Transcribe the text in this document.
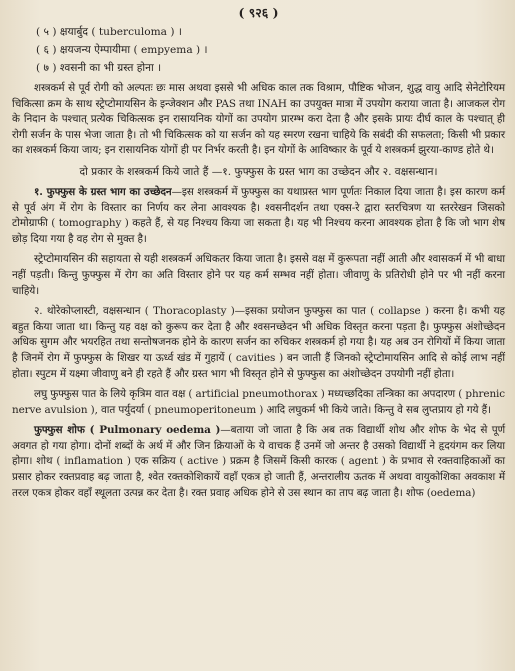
( ९२६ )

( ५ ) क्षयार्बुद ( tuberculoma ) ।

( ६ ) क्षयजन्य ऐम्पायीमा ( empyema ) ।

( ७ ) श्वसनी का भी ग्रस्त होना ।

शस्त्रकर्म से पूर्व रोगी को अल्पतः छः मास अथवा इससे भी अधिक काल तक विश्राम, पौष्टिक भोजन, शुद्ध वायु आदि सेनेटोरियम चिकित्सा क्रम के साथ स्ट्रेप्टोमायसिन के इन्जेक्शन और PAS तथा INAH का उपयुक्त मात्रा में उपयोग कराया जाता है। आजकल रोग के निदान के पश्चात् प्रत्येक चिकित्सक इन रासायनिक योगों का उपयोग प्रारम्भ करा देता है और इसके प्रायः दीर्घ काल के पश्चात् ही रोगी सर्जन के पास भेजा जाता है। तो भी चिकित्सक को या सर्जन को यह स्मरण रखना चाहिये कि सबंदी की सफलता; किसी भी प्रकार का शस्त्रकर्म किया जाय; इन रासायनिक योगों ही पर निर्भर करती है। इन योगों के आविष्कार के पूर्व ये शस्त्रकर्म झुरया-काण्ड होते थे।

दो प्रकार के शस्त्रकर्म किये जाते हैं —१. फुफ्फुस के ग्रस्त भाग का उच्छेदन और २. वक्षसन्धान।

१. फुफ्फुस के ग्रस्त भाग का उच्छेदन—इस शस्त्रकर्म में फुफ्फुस का यथाप्रस्त भाग पूर्णतः निकाल दिया जाता है। इस कारण कर्म से पूर्व अंग में रोग के विस्तार का निर्णय कर लेना आवश्यक है। श्वसनीदर्शन तथा एक्स-रे द्वारा स्तरचित्रण या स्तररेखन जिसको टोमोग्राफी ( tomography ) कहते हैं, से यह निश्चय किया जा सकता है। यह भी निश्चय करना आवश्यक होता है कि जो भाग शेष छोड़ दिया गया है वह रोग से मुक्त है।

स्ट्रेप्टोमायसिन की सहायता से यही शस्त्रकर्म अधिकतर किया जाता है। इससे वक्ष में कुरूपता नहीं आती और श्वासकर्म में भी बाधा नहीं पड़ती। किन्तु फुफ्फुस में रोग का अति विस्तार होने पर यह कर्म सम्भव नहीं होता। जीवाणु के प्रतिरोधी होने पर भी नहीं करना चाहिये।

२. थोरेकोप्लास्टी, वक्षसन्धान ( Thoracoplasty )—इसका प्रयोजन फुफ्फुस का पात ( collapse ) करना है। कभी यह बहुत किया जाता था। किन्तु यह वक्ष को कुरूप कर देता है और श्वसनच्छेदन भी अधिक विस्तृत करना पड़ता है। फुफ्फुस अंशोच्छेदन अधिक सुगम और भयरहित तथा सन्तोषजनक होने के कारण सर्जन का रुचिकर शस्त्रकर्म हो गया है। यह अब उन रोगियों में किया जाता है जिनमें रोग में फुफ्फुस के शिखर या ऊर्ध्व खंड में गुहायें ( cavities ) बन जाती हैं जिनको स्ट्रेप्टोमायसिन आदि से कोई लाभ नहीं होता। स्पुटम में यक्ष्मा जीवाणु बने ही रहते हैं और ग्रस्त भाग भी विस्तृत होने से फुफ्फुस का अंशोच्छेदन उपयोगी नहीं होता।

लघु फुफ्फुस पात के लिये कृत्रिम वात वक्ष ( artificial pneumothorax ) मध्यच्छदिका तन्त्रिका का अपदारण ( phrenic nerve avulsion ), वात पर्युदर्या ( pneumoperitoneum ) आदि लघुकर्म भी किये जाते। किन्तु वे सब लुप्तप्राय हो गये हैं।

फुफ्फुस शोफ ( Pulmonary oedema )—बताया जो जाता है कि अब तक विद्यार्थी शोथ और शोफ के भेद से पूर्ण अवगत हो गया होगा। दोनों शब्दों के अर्थ में और जिन क्रियाओं के ये वाचक हैं उनमें जो अन्तर है उसको विद्यार्थी ने हृदयंगम कर लिया होगा। शोथ ( inflamation ) एक सक्रिय ( active ) प्रक्रम है जिसमें किसी कारक ( agent ) के प्रभाव से रक्तवाहिकाओं का प्रसार होकर रक्तप्रवाह बढ़ जाता है, श्वेत रक्तकोशिकायें वहाँ एकत्र हो जाती हैं, अन्तरालीय ऊतक में अथवा वायुकोशिका अवकाश में तरल एकत्र होकर वहाँ स्थूलता उत्पन्न कर देता है। रक्त प्रवाह अधिक होने से उस स्थान का ताप बढ़ जाता है। शोफ (oedema)
